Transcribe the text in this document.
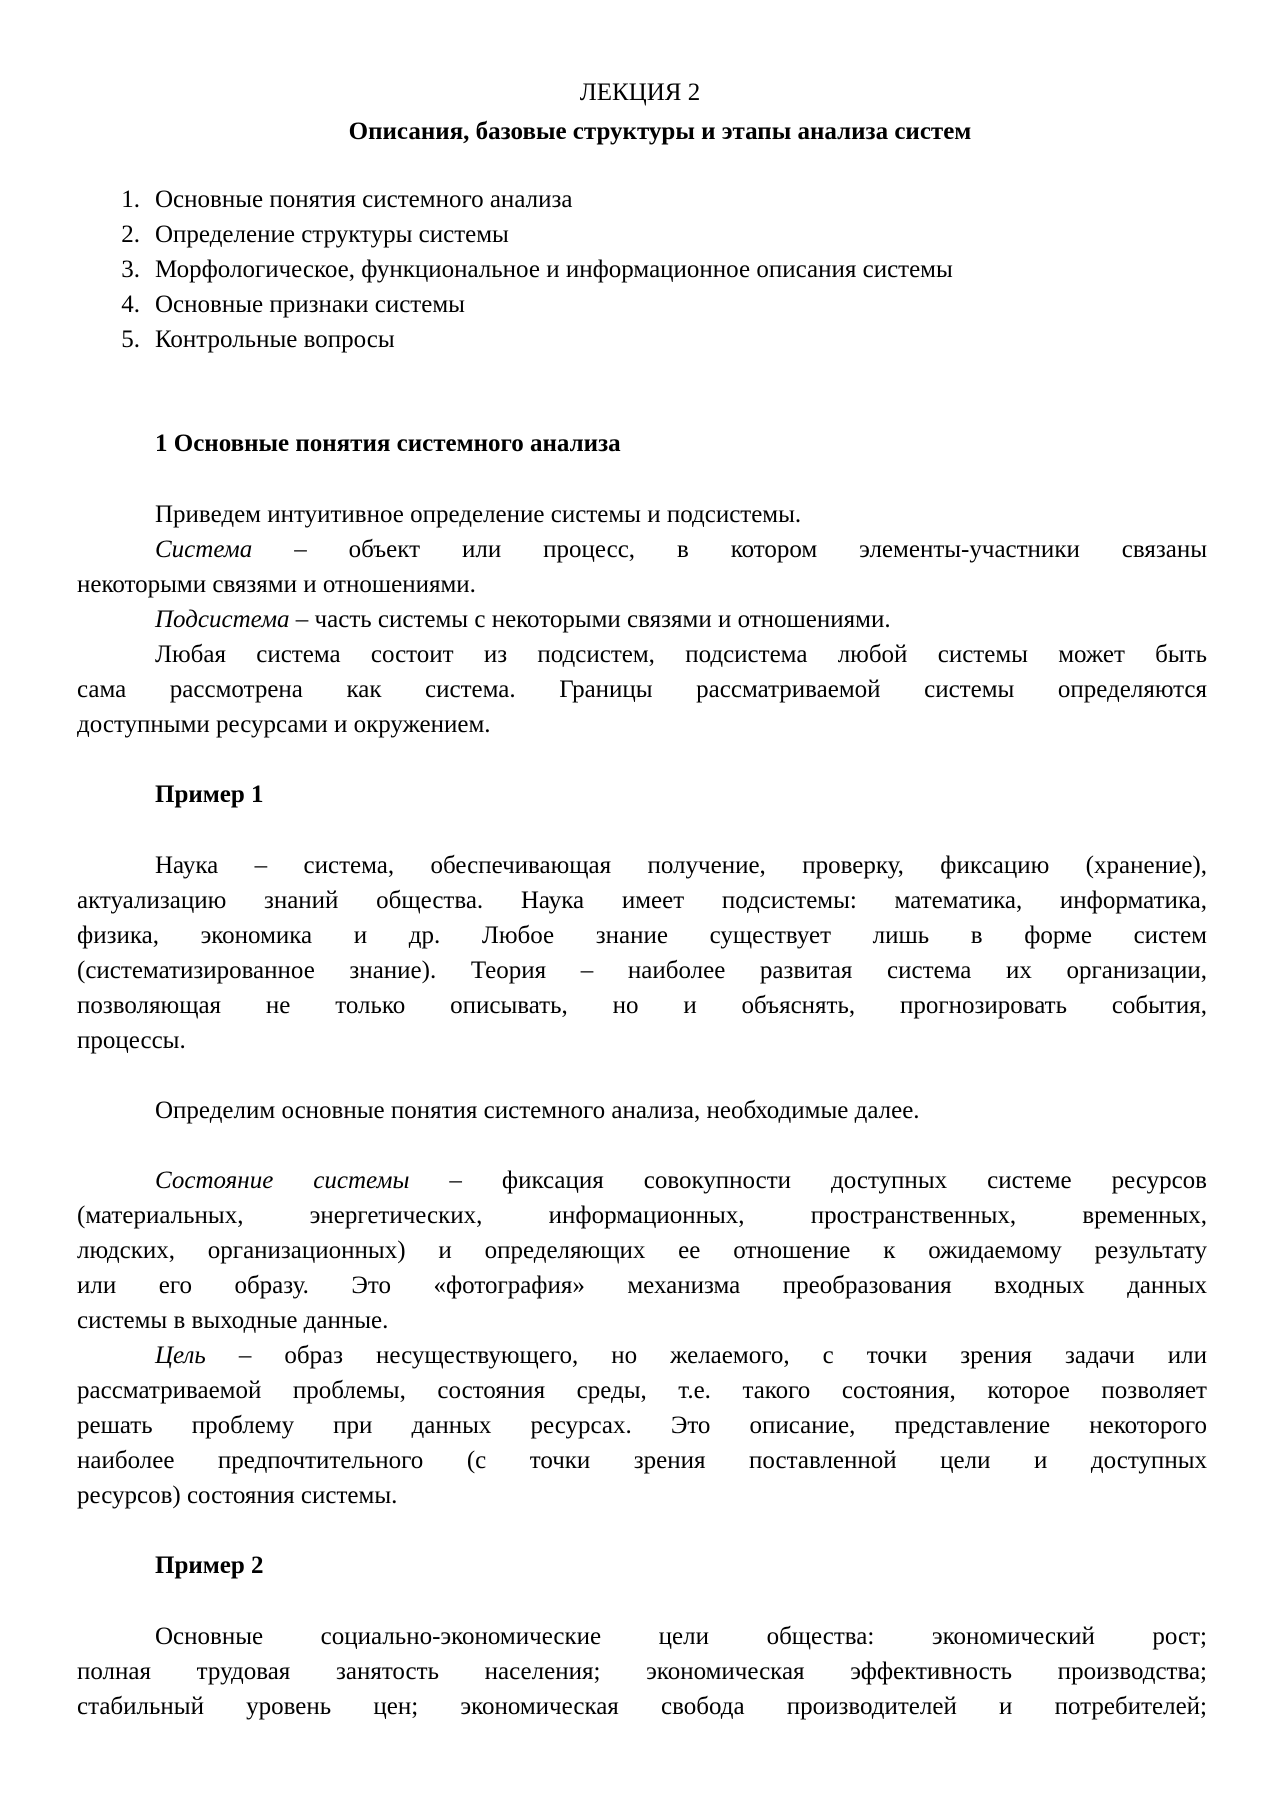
ЛЕКЦИЯ 2
Описания, базовые структуры и этапы анализа систем
1. Основные понятия системного анализа
2. Определение структуры системы
3. Морфологическое, функциональное и информационное описания системы
4. Основные признаки системы
5. Контрольные вопросы
1 Основные понятия системного анализа
Приведем интуитивное определение системы и подсистемы.
Система – объект или процесс, в котором элементы-участники связаны
некоторыми связями и отношениями.
Подсистема – часть системы с некоторыми связями и отношениями.
Любая система состоит из подсистем, подсистема любой системы может быть
сама рассмотрена как система. Границы рассматриваемой системы определяются
доступными ресурсами и окружением.
Пример 1
Наука – система, обеспечивающая получение, проверку, фиксацию (хранение),
актуализацию знаний общества. Наука имеет подсистемы: математика, информатика,
физика, экономика и др. Любое знание существует лишь в форме систем
(систематизированное знание). Теория – наиболее развитая система их организации,
позволяющая не только описывать, но и объяснять, прогнозировать события,
процессы.
Определим основные понятия системного анализа, необходимые далее.
Состояние системы – фиксация совокупности доступных системе ресурсов
(материальных, энергетических, информационных, пространственных, временных,
людских, организационных) и определяющих ее отношение к ожидаемому результату
или его образу. Это «фотография» механизма преобразования входных данных
системы в выходные данные.
Цель – образ несуществующего, но желаемого, с точки зрения задачи или
рассматриваемой проблемы, состояния среды, т.е. такого состояния, которое позволяет
решать проблему при данных ресурсах. Это описание, представление некоторого
наиболее предпочтительного (с точки зрения поставленной цели и доступных
ресурсов) состояния системы.
Пример 2
Основные социально-экономические цели общества: экономический рост;
полная трудовая занятость населения; экономическая эффективность производства;
стабильный уровень цен; экономическая свобода производителей и потребителей;
